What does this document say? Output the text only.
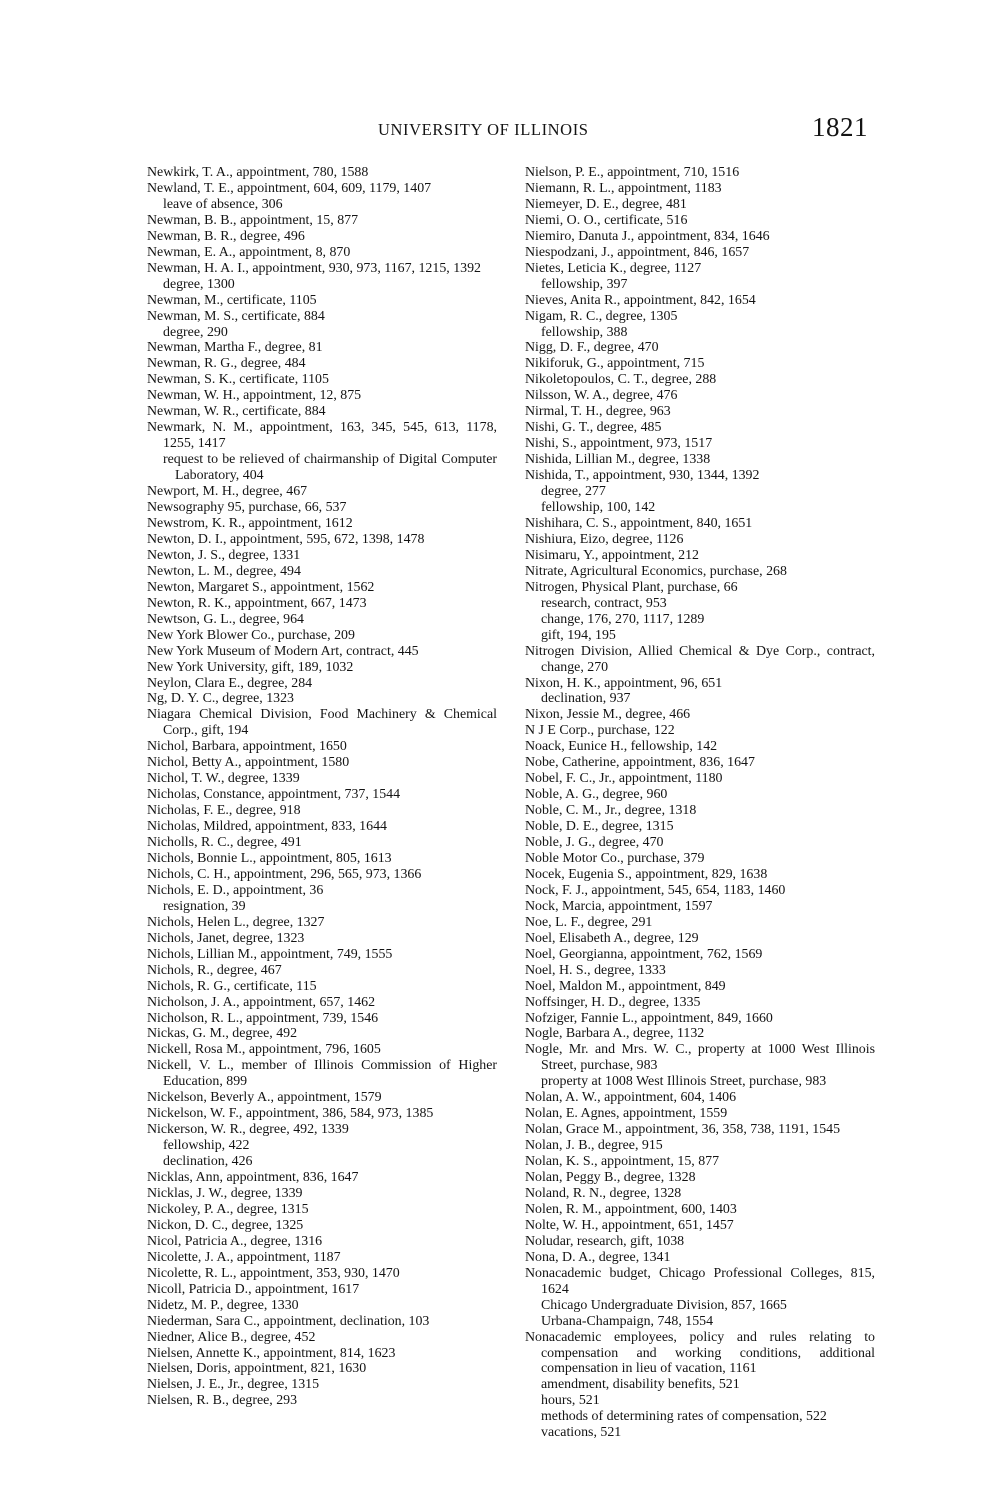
UNIVERSITY OF ILLINOIS	1821

Newkirk, T. A., appointment, 780, 1588

Newland, T. E., appointment, 604, 609, 1179, 1407

leave of absence, 306

Newman, B. B., appointment, 15, 877

Newman, B. R., degree, 496

Newman, E. A., appointment, 8, 870

Newman, H. A. I., appointment, 930, 973, 1167, 1215, 1392

degree, 1300

Newman, M., certificate, 1105

Newman, M. S., certificate, 884

degree, 290

Newman, Martha F., degree, 81

Newman, R. G., degree, 484

Newman, S. K., certificate, 1105

Newman, W. H., appointment, 12, 875

Newman, W. R., certificate, 884

Newmark, N. M., appointment, 163, 345, 545, 613, 1178, 1255, 1417

request to be relieved of chairmanship of Digital Computer Laboratory, 404

Newport, M. H., degree, 467

Newsography 95, purchase, 66, 537

Newstrom, K. R., appointment, 1612

Newton, D. I., appointment, 595, 672, 1398, 1478

Newton, J. S., degree, 1331

Newton, L. M., degree, 494

Newton, Margaret S., appointment, 1562

Newton, R. K., appointment, 667, 1473

Newtson, G. L., degree, 964

New York Blower Co., purchase, 209

New York Museum of Modern Art, contract, 445

New York University, gift, 189, 1032

Neylon, Clara E., degree, 284

Ng, D. Y. C., degree, 1323

Niagara Chemical Division, Food Machinery & Chemical Corp., gift, 194

Nichol, Barbara, appointment, 1650

Nichol, Betty A., appointment, 1580

Nichol, T. W., degree, 1339

Nicholas, Constance, appointment, 737, 1544

Nicholas, F. E., degree, 918

Nicholas, Mildred, appointment, 833, 1644

Nicholls, R. C., degree, 491

Nichols, Bonnie L., appointment, 805, 1613

Nichols, C. H., appointment, 296, 565, 973, 1366

Nichols, E. D., appointment, 36

resignation, 39

Nichols, Helen L., degree, 1327

Nichols, Janet, degree, 1323

Nichols, Lillian M., appointment, 749, 1555

Nichols, R., degree, 467

Nichols, R. G., certificate, 115

Nicholson, J. A., appointment, 657, 1462

Nicholson, R. L., appointment, 739, 1546

Nickas, G. M., degree, 492

Nickell, Rosa M., appointment, 796, 1605

Nickell, V. L., member of Illinois Commission of Higher Education, 899

Nickelson, Beverly A., appointment, 1579

Nickelson, W. F., appointment, 386, 584, 973, 1385

Nickerson, W. R., degree, 492, 1339

fellowship, 422

declination, 426

Nicklas, Ann, appointment, 836, 1647

Nicklas, J. W., degree, 1339

Nickoley, P. A., degree, 1315

Nickon, D. C., degree, 1325

Nicol, Patricia A., degree, 1316

Nicolette, J. A., appointment, 1187

Nicolette, R. L., appointment, 353, 930, 1470

Nicoll, Patricia D., appointment, 1617

Nidetz, M. P., degree, 1330

Niederman, Sara C., appointment, declination, 103

Niedner, Alice B., degree, 452

Nielsen, Annette K., appointment, 814, 1623

Nielsen, Doris, appointment, 821, 1630

Nielsen, J. E., Jr., degree, 1315

Nielsen, R. B., degree, 293

Nielson, P. E., appointment, 710, 1516

Niemann, R. L., appointment, 1183

Niemeyer, D. E., degree, 481

Niemi, O. O., certificate, 516

Niemiro, Danuta J., appointment, 834, 1646

Niespodzani, J., appointment, 846, 1657

Nietes, Leticia K., degree, 1127

fellowship, 397

Nieves, Anita R., appointment, 842, 1654

Nigam, R. C., degree, 1305

fellowship, 388

Nigg, D. F., degree, 470

Nikiforuk, G., appointment, 715

Nikoletopoulos, C. T., degree, 288

Nilsson, W. A., degree, 476

Nirmal, T. H., degree, 963

Nishi, G. T., degree, 485

Nishi, S., appointment, 973, 1517

Nishida, Lillian M., degree, 1338

Nishida, T., appointment, 930, 1344, 1392

degree, 277

fellowship, 100, 142

Nishihara, C. S., appointment, 840, 1651

Nishiura, Eizo, degree, 1126

Nisimaru, Y., appointment, 212

Nitrate, Agricultural Economics, purchase, 268

Nitrogen, Physical Plant, purchase, 66

research, contract, 953

change, 176, 270, 1117, 1289

gift, 194, 195

Nitrogen Division, Allied Chemical & Dye Corp., contract, change, 270

Nixon, H. K., appointment, 96, 651

declination, 937

Nixon, Jessie M., degree, 466

N J E Corp., purchase, 122

Noack, Eunice H., fellowship, 142

Nobe, Catherine, appointment, 836, 1647

Nobel, F. C., Jr., appointment, 1180

Noble, A. G., degree, 960

Noble, C. M., Jr., degree, 1318

Noble, D. E., degree, 1315

Noble, J. G., degree, 470

Noble Motor Co., purchase, 379

Nocek, Eugenia S., appointment, 829, 1638

Nock, F. J., appointment, 545, 654, 1183, 1460

Nock, Marcia, appointment, 1597

Noe, L. F., degree, 291

Noel, Elisabeth A., degree, 129

Noel, Georgianna, appointment, 762, 1569

Noel, H. S., degree, 1333

Noel, Maldon M., appointment, 849

Noffsinger, H. D., degree, 1335

Nofziger, Fannie L., appointment, 849, 1660

Nogle, Barbara A., degree, 1132

Nogle, Mr. and Mrs. W. C., property at 1000 West Illinois Street, purchase, 983

property at 1008 West Illinois Street, purchase, 983

Nolan, A. W., appointment, 604, 1406

Nolan, E. Agnes, appointment, 1559

Nolan, Grace M., appointment, 36, 358, 738, 1191, 1545

Nolan, J. B., degree, 915

Nolan, K. S., appointment, 15, 877

Nolan, Peggy B., degree, 1328

Noland, R. N., degree, 1328

Nolen, R. M., appointment, 600, 1403

Nolte, W. H., appointment, 651, 1457

Noludar, research, gift, 1038

Nona, D. A., degree, 1341

Nonacademic budget, Chicago Professional Colleges, 815, 1624

Chicago Undergraduate Division, 857, 1665

Urbana-Champaign, 748, 1554

Nonacademic employees, policy and rules relating to compensation and working conditions, additional compensation in lieu of vacation, 1161

amendment, disability benefits, 521

hours, 521

methods of determining rates of compensation, 522

vacations, 521
